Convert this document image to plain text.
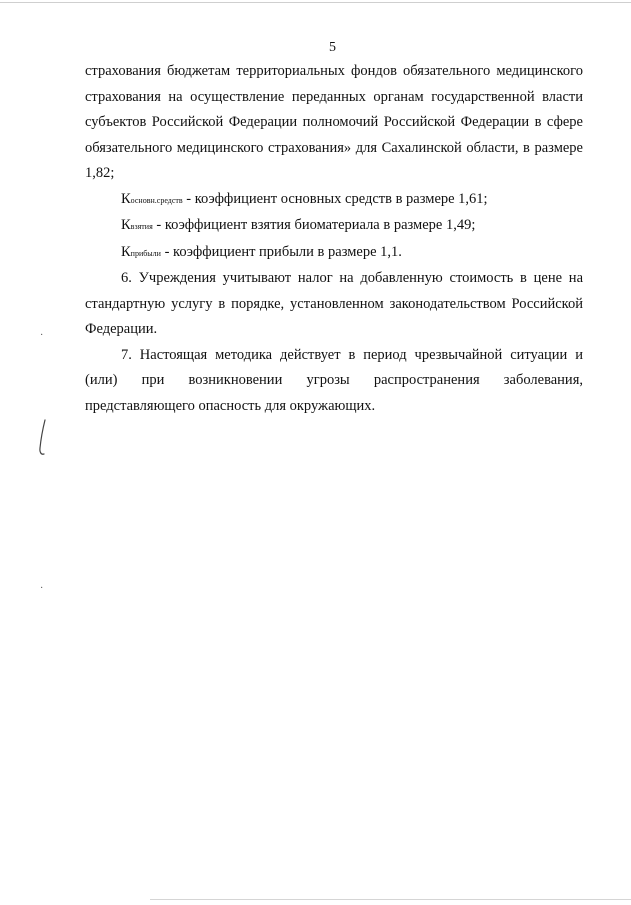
5

страхования бюджетам территориальных фондов обязательного медицинского страхования на осуществление переданных органам государственной власти субъектов Российской Федерации полномочий Российской Федерации в сфере обязательного медицинского страхования» для Сахалинской области, в размере 1,82;

Косновн.средств - коэффициент основных средств в размере 1,61;

Квзятия - коэффициент взятия биоматериала в размере 1,49;

Кприбыли - коэффициент прибыли в размере 1,1.

6. Учреждения учитывают налог на добавленную стоимость в цене на стандартную услугу в порядке, установленном законодательством Российской Федерации.

7. Настоящая методика действует в период чрезвычайной ситуации и (или) при возникновении угрозы распространения заболевания, представляющего опасность для окружающих.

·
·
